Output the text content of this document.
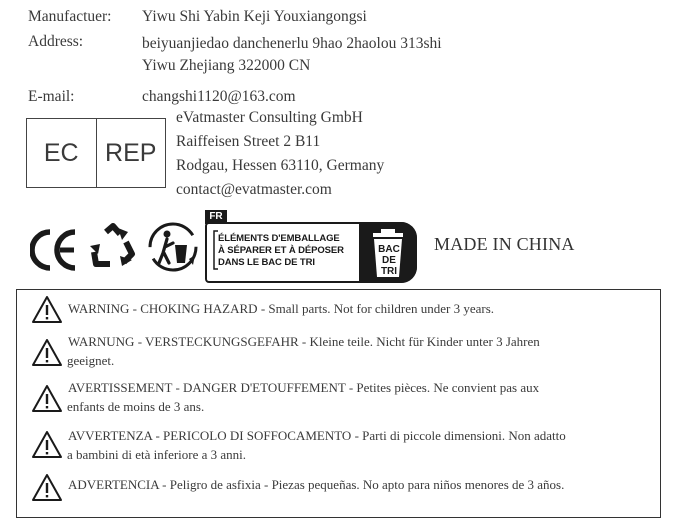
Manufactuer: Yiwu Shi Yabin Keji Youxiangongsi
Address:	beiyuanjiedao danchenerlu 9hao 2haolou 313shi
Yiwu Zhejiang 322000 CN
E-mail:	changshi1120@163.com
EC	REP
eVatmaster Consulting GmbH
Raiffeisen Street 2 B11
Rodgau, Hessen 63110, Germany
contact@evatmaster.com
FR
ÉLÉMENTS D'EMBALLAGE
À SÉPARER ET À DÉPOSER
DANS LE BAC DE TRI
BAC
DE
TRI
MADE IN CHINA
WARNING - CHOKING HAZARD - Small parts. Not for children under 3 years.
WARNUNG - VERSTECKUNGSGEFAHR - Kleine teile. Nicht für Kinder unter 3 Jahren
geeignet.
AVERTISSEMENT - DANGER D'ETOUFFEMENT - Petites pièces. Ne convient pas aux
enfants de moins de 3 ans.
AVVERTENZA - PERICOLO DI SOFFOCAMENTO - Parti di piccole dimensioni. Non adatto
a bambini di età inferiore a 3 anni.
ADVERTENCIA - Peligro de asfixia - Piezas pequeñas. No apto para niños menores de 3 años.
